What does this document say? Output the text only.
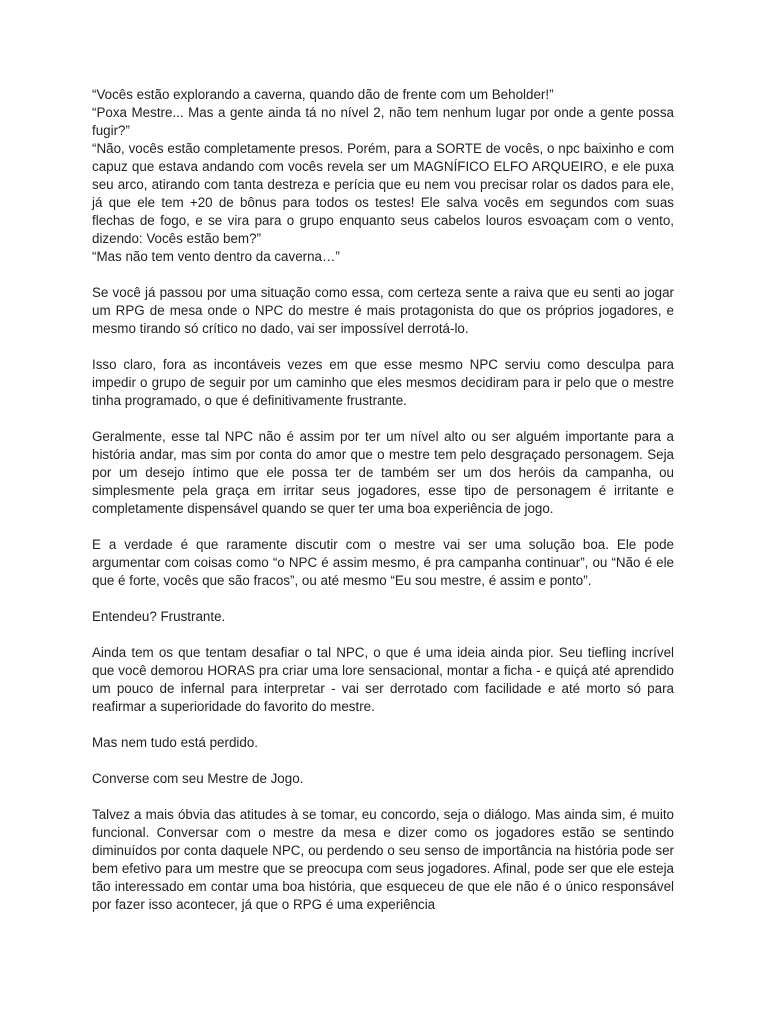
“Vocês estão explorando a caverna, quando dão de frente com um Beholder!”

“Poxa Mestre... Mas a gente ainda tá no nível 2, não tem nenhum lugar por onde a gente possa fugir?”

“Não, vocês estão completamente presos. Porém, para a SORTE de vocês, o npc baixinho e com capuz que estava andando com vocês revela ser um MAGNÍFICO ELFO ARQUEIRO, e ele puxa seu arco, atirando com tanta destreza e perícia que eu nem vou precisar rolar os dados para ele, já que ele tem +20 de bônus para todos os testes! Ele salva vocês em segundos com suas flechas de fogo, e se vira para o grupo enquanto seus cabelos louros esvoaçam com o vento, dizendo: Vocês estão bem?”

“Mas não tem vento dentro da caverna…”

Se você já passou por uma situação como essa, com certeza sente a raiva que eu senti ao jogar um RPG de mesa onde o NPC do mestre é mais protagonista do que os próprios jogadores, e mesmo tirando só crítico no dado, vai ser impossível derrotá-lo.

Isso claro, fora as incontáveis vezes em que esse mesmo NPC serviu como desculpa para impedir o grupo de seguir por um caminho que eles mesmos decidiram para ir pelo que o mestre tinha programado, o que é definitivamente frustrante.

Geralmente, esse tal NPC não é assim por ter um nível alto ou ser alguém importante para a história andar, mas sim por conta do amor que o mestre tem pelo desgraçado personagem. Seja por um desejo íntimo que ele possa ter de também ser um dos heróis da campanha, ou simplesmente pela graça em irritar seus jogadores, esse tipo de personagem é irritante e completamente dispensável quando se quer ter uma boa experiência de jogo.

E a verdade é que raramente discutir com o mestre vai ser uma solução boa. Ele pode argumentar com coisas como “o NPC é assim mesmo, é pra campanha continuar”, ou “Não é ele que é forte, vocês que são fracos”, ou até mesmo “Eu sou mestre, é assim e ponto”.

Entendeu? Frustrante.

Ainda tem os que tentam desafiar o tal NPC, o que é uma ideia ainda pior. Seu tiefling incrível que você demorou HORAS pra criar uma lore sensacional, montar a ficha - e quiçá até aprendido um pouco de infernal para interpretar - vai ser derrotado com facilidade e até morto só para reafirmar a superioridade do favorito do mestre.

Mas nem tudo está perdido.

Converse com seu Mestre de Jogo.

Talvez a mais óbvia das atitudes à se tomar, eu concordo, seja o diálogo. Mas ainda sim, é muito funcional. Conversar com o mestre da mesa e dizer como os jogadores estão se sentindo diminuídos por conta daquele NPC, ou perdendo o seu senso de importância na história pode ser bem efetivo para um mestre que se preocupa com seus jogadores. Afinal, pode ser que ele esteja tão interessado em contar uma boa história, que esqueceu de que ele não é o único responsável por fazer isso acontecer, já que o RPG é uma experiência
